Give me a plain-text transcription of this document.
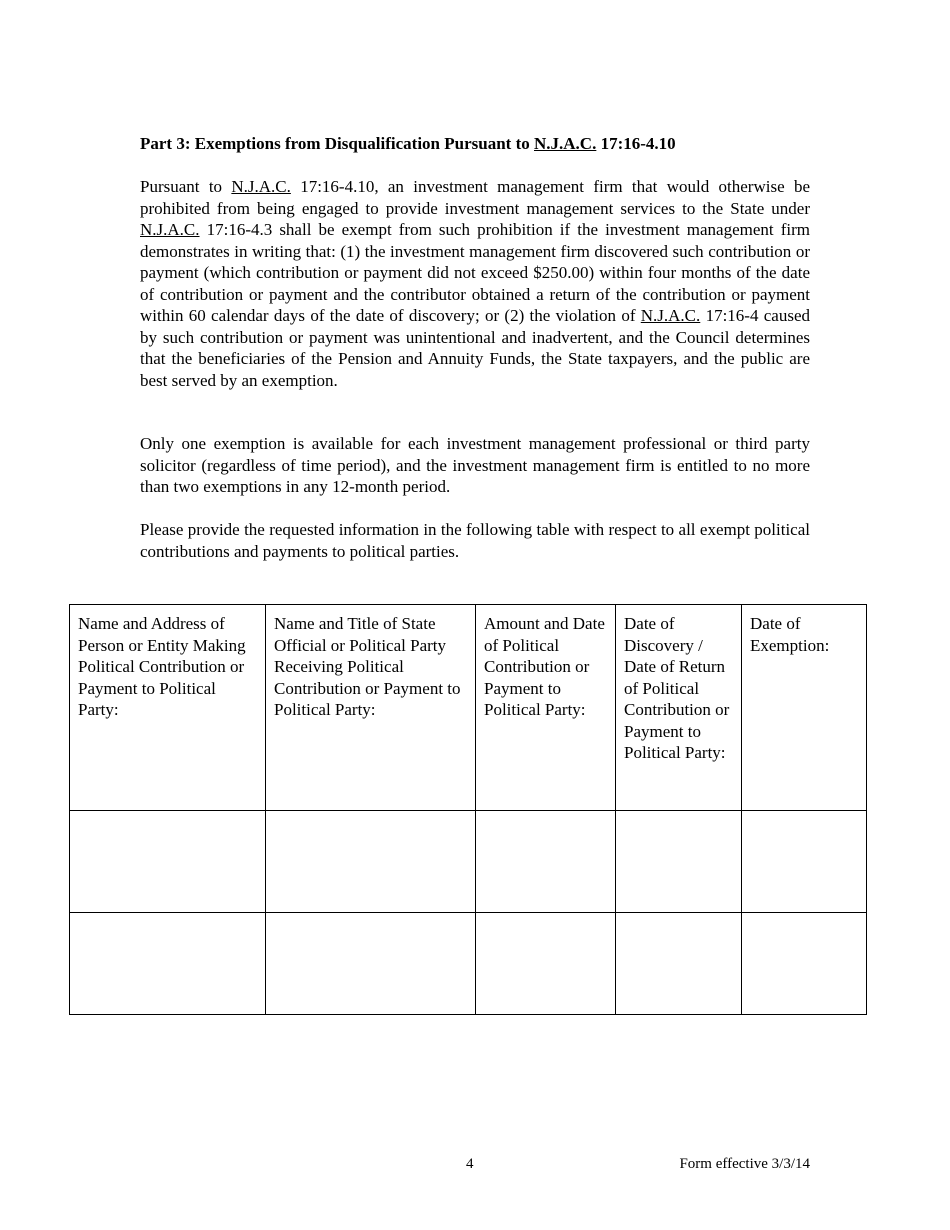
Part 3: Exemptions from Disqualification Pursuant to N.J.A.C. 17:16-4.10

Pursuant to N.J.A.C. 17:16-4.10, an investment management firm that would otherwise be prohibited from being engaged to provide investment management services to the State under N.J.A.C. 17:16-4.3 shall be exempt from such prohibition if the investment management firm demonstrates in writing that: (1) the investment management firm discovered such contribution or payment (which contribution or payment did not exceed $250.00) within four months of the date of contribution or payment and the contributor obtained a return of the contribution or payment within 60 calendar days of the date of discovery; or (2) the violation of N.J.A.C. 17:16-4 caused by such contribution or payment was unintentional and inadvertent, and the Council determines that the beneficiaries of the Pension and Annuity Funds, the State taxpayers, and the public are best served by an exemption.

Only one exemption is available for each investment management professional or third party solicitor (regardless of time period), and the investment management firm is entitled to no more than two exemptions in any 12-month period.

Please provide the requested information in the following table with respect to all exempt political contributions and payments to political parties.

Name and Address of Person or Entity Making Political Contribution or Payment to Political Party:	Name and Title of State Official or Political Party Receiving Political Contribution or Payment to Political Party:	Amount and Date of Political Contribution or Payment to Political Party:	Date of Discovery / Date of Return of Political Contribution or Payment to Political Party:	Date of Exemption:

4	Form effective 3/3/14
